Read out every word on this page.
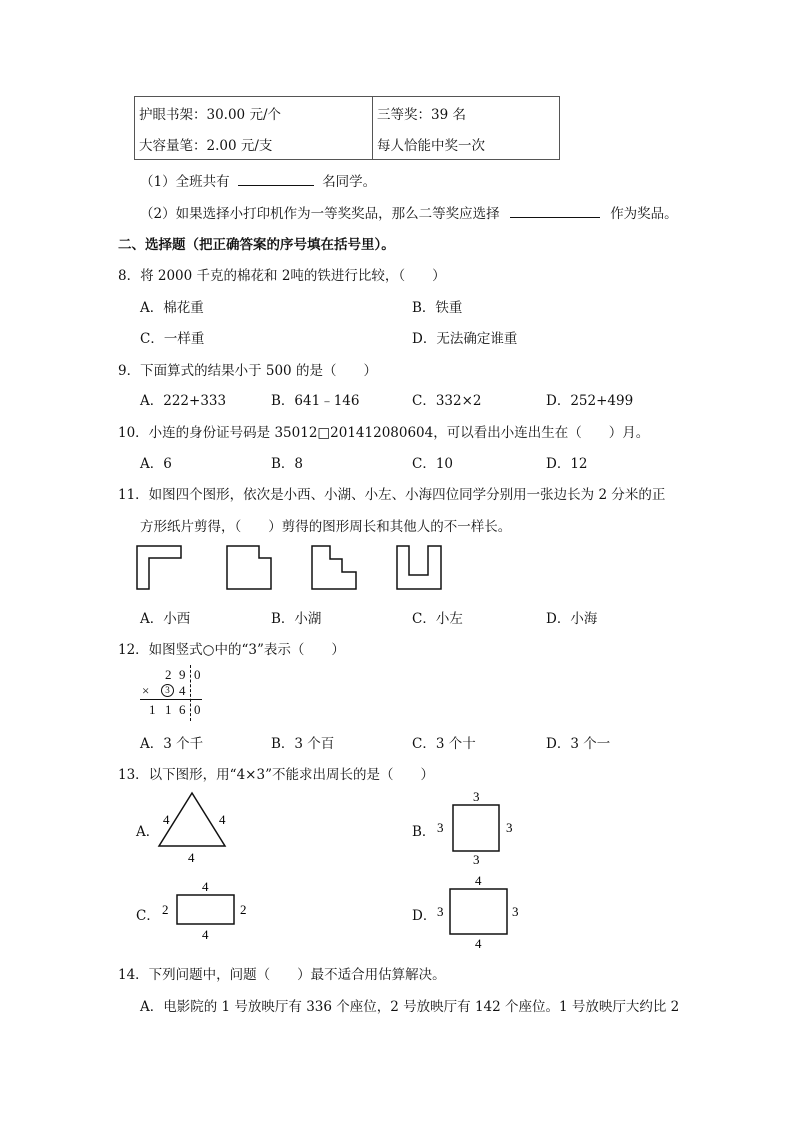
护眼书架：30.00 元/个	三等奖：39 名
大容量笔：2.00 元/支	每人恰能中奖一次
（1）全班共有	名同学。
（2）如果选择小打印机作为一等奖奖品，那么二等奖应选择	作为奖品。
二、选择题（把正确答案的序号填在括号里）。
8．将 2000 千克的棉花和 2吨的铁进行比较，（　　）
A．棉花重	B．铁重
C．一样重	D．无法确定谁重
9．下面算式的结果小于 500 的是（　　）
A．222+333	B．641﹣146	C．332×2	D．252+499
10．小连的身份证号码是 35012□201412080604，可以看出小连出生在（　　）月。
A．6	B．8	C．10	D．12
11．如图四个图形，依次是小西、小湖、小左、小海四位同学分别用一张边长为 2 分米的正
方形纸片剪得，（　　）剪得的图形周长和其他人的不一样长。
A．小西	B．小湖	C．小左	D．小海
12．如图竖式○中的“3”表示（　　）
2 9 0
×	3 4
1 1 6 0
A．3 个千	B．3 个百	C．3 个十	D．3 个一
13．以下图形，用“4×3”不能求出周长的是（　　）
A．
4	4
4
B．
3
3	3
3
C．
4
2	2
4
D．
4
3	3
4
14．下列问题中，问题（　　）最不适合用估算解决。
A．电影院的 1 号放映厅有 336 个座位，2 号放映厅有 142 个座位。1 号放映厅大约比 2
